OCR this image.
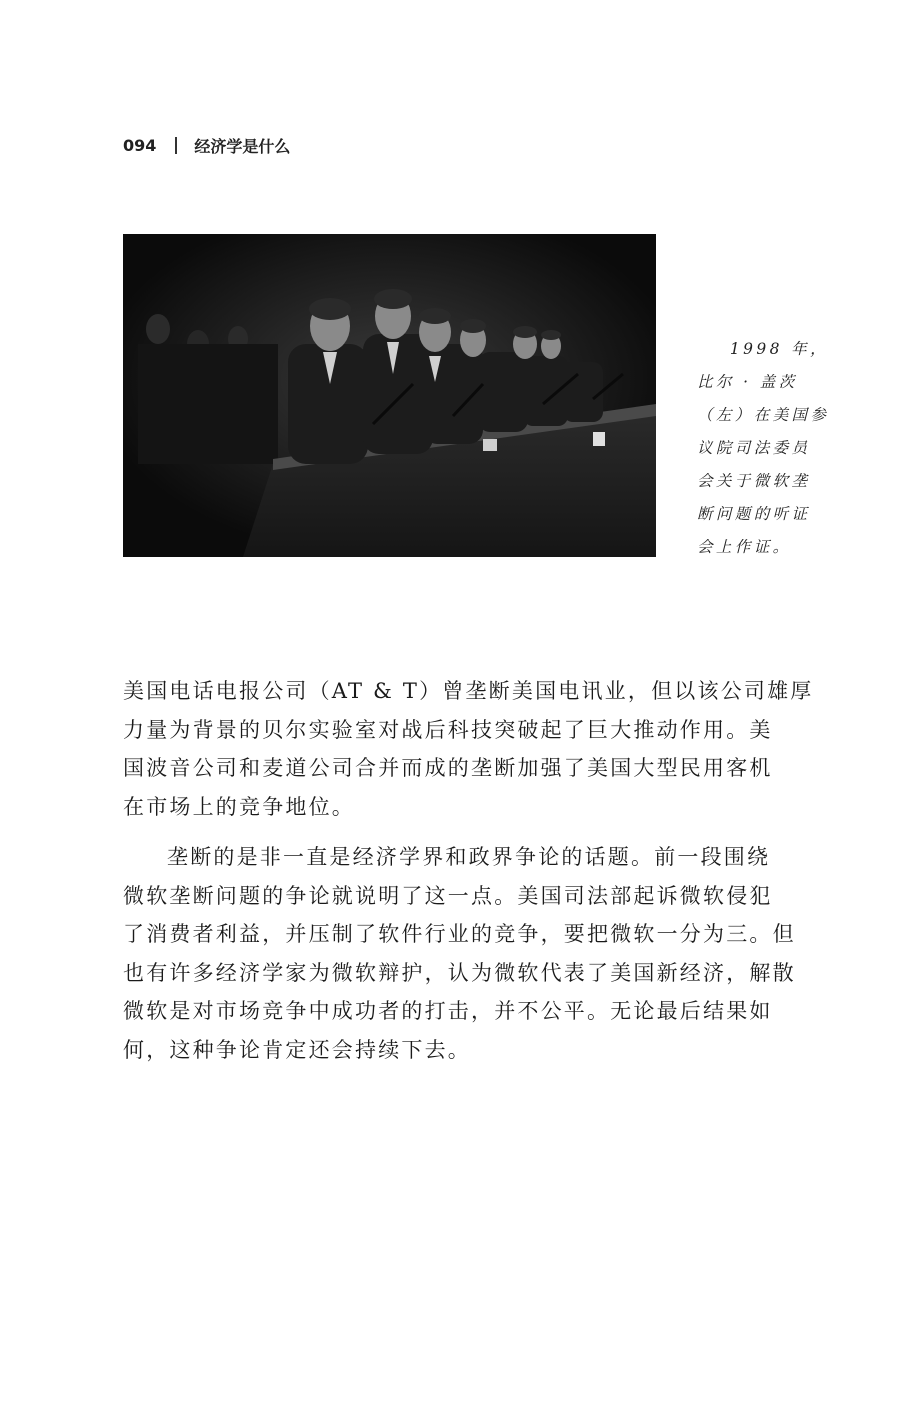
094 经济学是什么
1998 年，
比尔 · 盖茨
（左）在美国参
议院司法委员
会关于微软垄
断问题的听证
会上作证。

美国电话电报公司（AT & T）曾垄断美国电讯业，但以该公司雄厚
力量为背景的贝尔实验室对战后科技突破起了巨大推动作用。美
国波音公司和麦道公司合并而成的垄断加强了美国大型民用客机
在市场上的竞争地位。

垄断的是非一直是经济学界和政界争论的话题。前一段围绕
微软垄断问题的争论就说明了这一点。美国司法部起诉微软侵犯
了消费者利益，并压制了软件行业的竞争，要把微软一分为三。但
也有许多经济学家为微软辩护，认为微软代表了美国新经济，解散
微软是对市场竞争中成功者的打击，并不公平。无论最后结果如
何，这种争论肯定还会持续下去。
